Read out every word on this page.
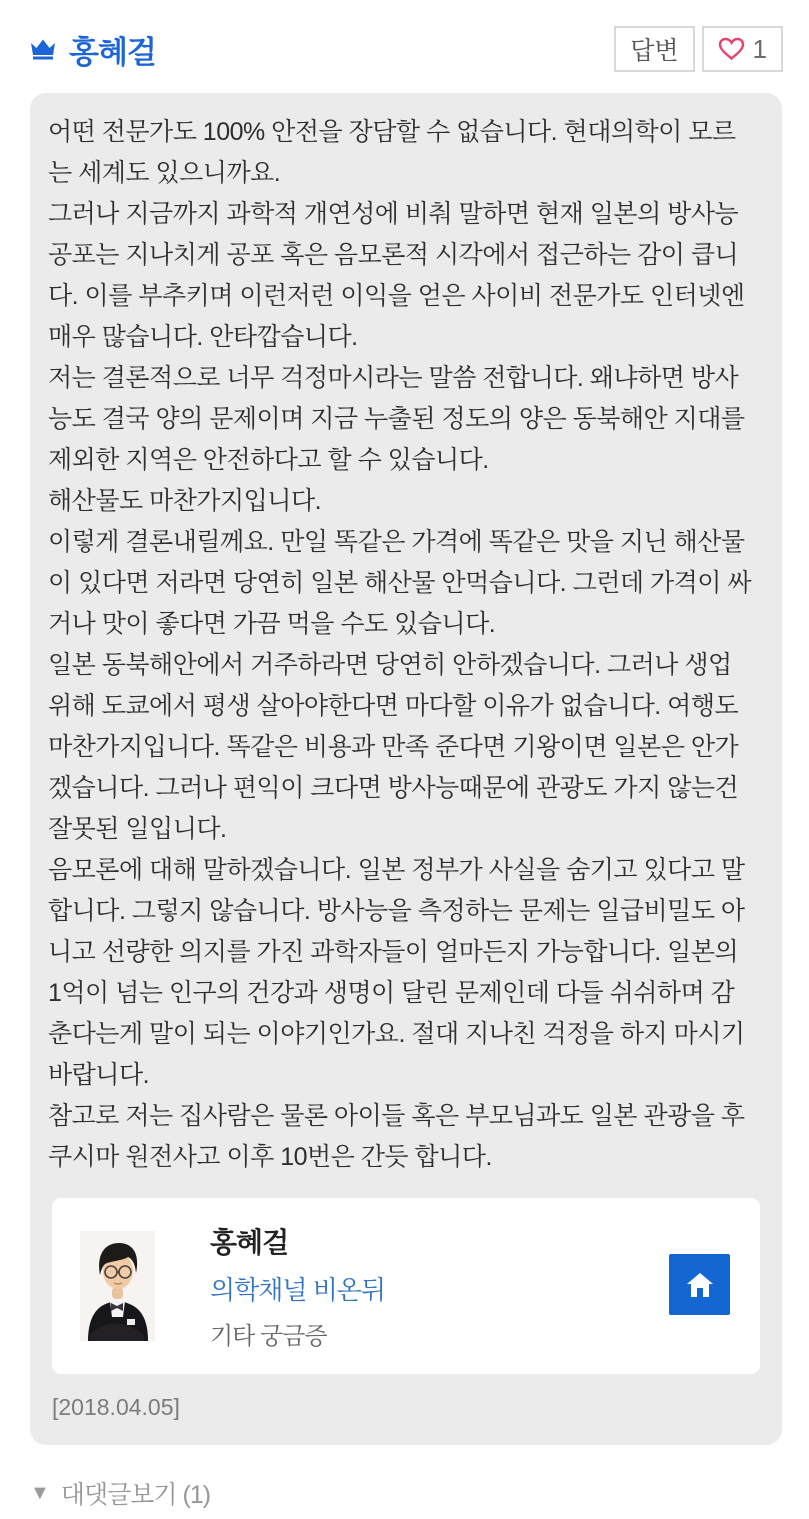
홍혜걸	답변	1

어떤 전문가도 100% 안전을 장담할 수 없습니다. 현대의학이 모르는 세계도 있으니까요.

그러나 지금까지 과학적 개연성에 비춰 말하면 현재 일본의 방사능 공포는 지나치게 공포 혹은 음모론적 시각에서 접근하는 감이 큽니다. 이를 부추키며 이런저런 이익을 얻은 사이비 전문가도 인터넷엔 매우 많습니다. 안타깝습니다.

저는 결론적으로 너무 걱정마시라는 말씀 전합니다. 왜냐하면 방사능도 결국 양의 문제이며 지금 누출된 정도의 양은 동북해안 지대를 제외한 지역은 안전하다고 할 수 있습니다.

해산물도 마찬가지입니다.

이렇게 결론내릴께요. 만일 똑같은 가격에 똑같은 맛을 지닌 해산물이 있다면 저라면 당연히 일본 해산물 안먹습니다. 그런데 가격이 싸거나 맛이 좋다면 가끔 먹을 수도 있습니다.

일본 동북해안에서 거주하라면 당연히 안하겠습니다. 그러나 생업 위해 도쿄에서 평생 살아야한다면 마다할 이유가 없습니다. 여행도 마찬가지입니다. 똑같은 비용과 만족 준다면 기왕이면 일본은 안가겠습니다. 그러나 편익이 크다면 방사능때문에 관광도 가지 않는건 잘못된 일입니다.

음모론에 대해 말하겠습니다. 일본 정부가 사실을 숨기고 있다고 말합니다. 그렇지 않습니다. 방사능을 측정하는 문제는 일급비밀도 아니고 선량한 의지를 가진 과학자들이 얼마든지 가능합니다. 일본의 1억이 넘는 인구의 건강과 생명이 달린 문제인데 다들 쉬쉬하며 감춘다는게 말이 되는 이야기인가요. 절대 지나친 걱정을 하지 마시기 바랍니다.

참고로 저는 집사람은 물론 아이들 혹은 부모님과도 일본 관광을 후쿠시마 원전사고 이후 10번은 간듯 합니다.

홍혜걸
의학채널 비온뒤
기타 궁금증
[2018.04.05]
▼ 대댓글보기 (1)
